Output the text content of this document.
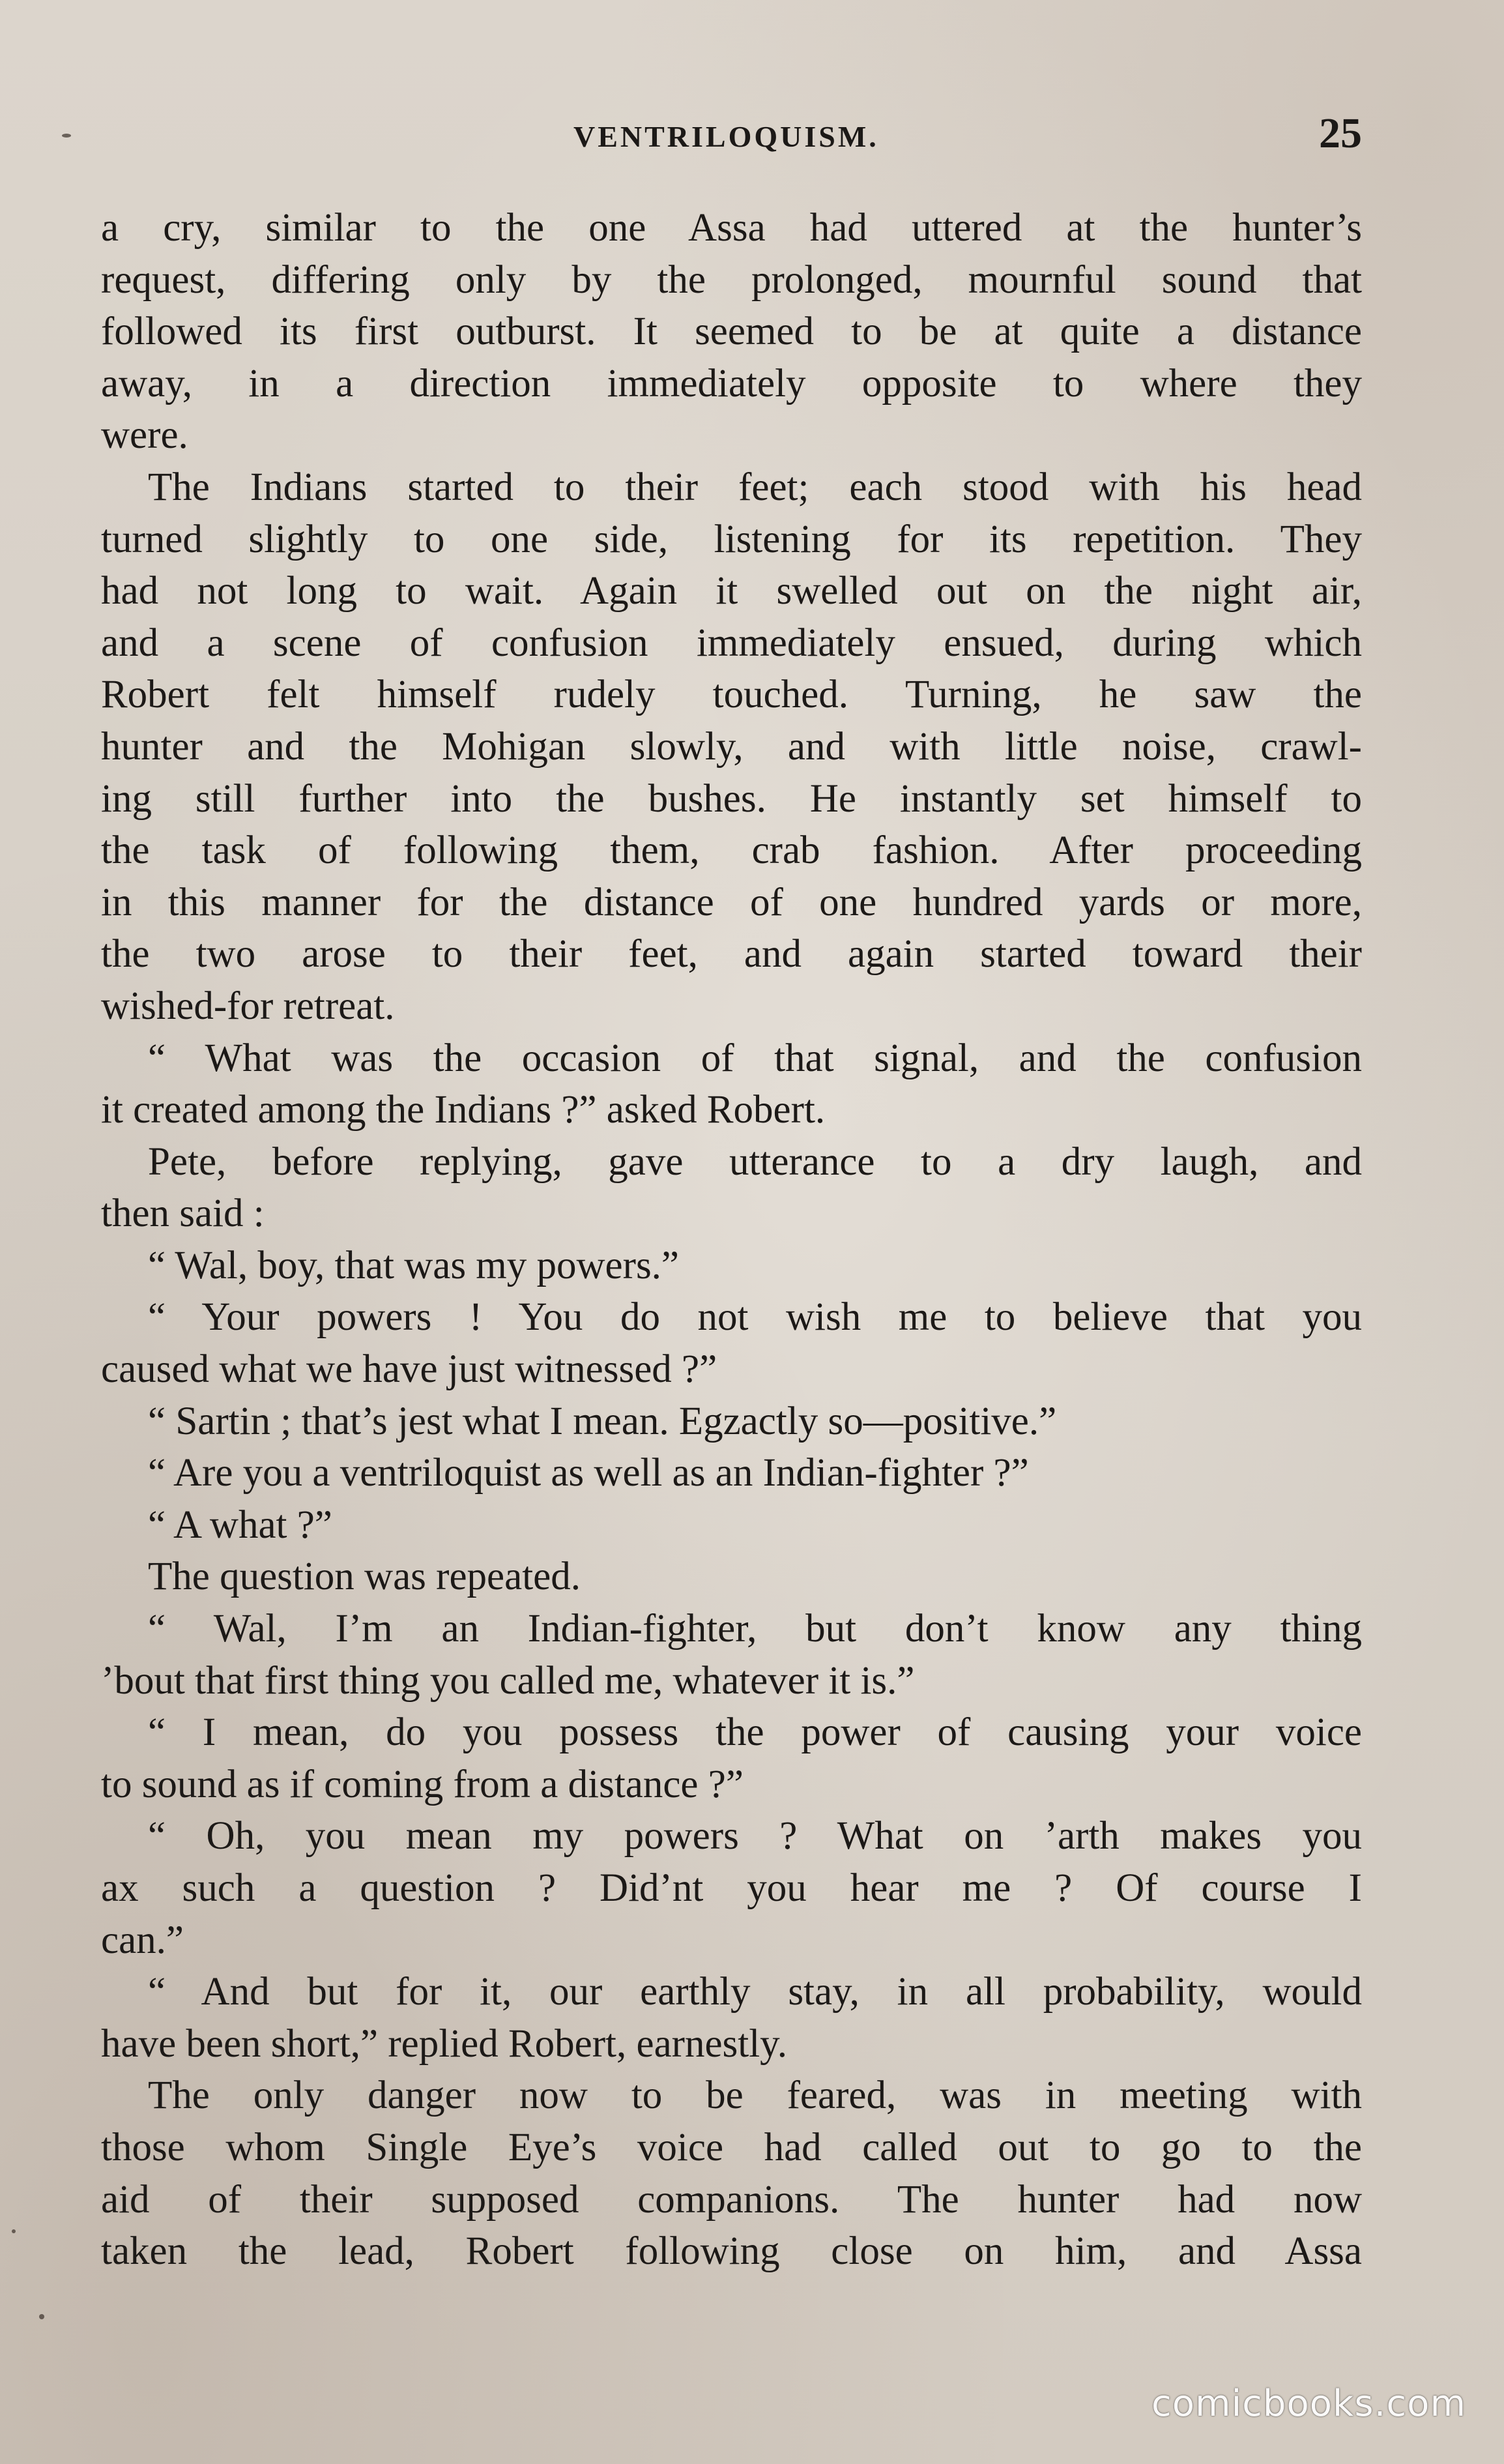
VENTRILOQUISM.	25
a cry, similar to the one Assa had uttered at the hunter’s
request, differing only by the prolonged, mournful sound that
followed its first outburst. It seemed to be at quite a distance
away, in a direction immediately opposite to where they
were.
The Indians started to their feet; each stood with his head
turned slightly to one side, listening for its repetition. They
had not long to wait. Again it swelled out on the night air,
and a scene of confusion immediately ensued, during which
Robert felt himself rudely touched. Turning, he saw the
hunter and the Mohigan slowly, and with little noise, crawl-
ing still further into the bushes. He instantly set himself to
the task of following them, crab fashion. After proceeding
in this manner for the distance of one hundred yards or more,
the two arose to their feet, and again started toward their
wished-for retreat.
“ What was the occasion of that signal, and the confusion
it created among the Indians ?” asked Robert.
Pete, before replying, gave utterance to a dry laugh, and
then said :
“ Wal, boy, that was my powers.”
“ Your powers ! You do not wish me to believe that you
caused what we have just witnessed ?”
“ Sartin ; that’s jest what I mean. Egzactly so—positive.”
“ Are you a ventriloquist as well as an Indian-fighter ?”
“ A what ?”
The question was repeated.
“ Wal, I’m an Indian-fighter, but don’t know any thing
’bout that first thing you called me, whatever it is.”
“ I mean, do you possess the power of causing your voice
to sound as if coming from a distance ?”
“ Oh, you mean my powers ? What on ’arth makes you
ax such a question ? Did’nt you hear me ? Of course I
can.”
“ And but for it, our earthly stay, in all probability, would
have been short,” replied Robert, earnestly.
The only danger now to be feared, was in meeting with
those whom Single Eye’s voice had called out to go to the
aid of their supposed companions. The hunter had now
taken the lead, Robert following close on him, and Assa
comicbooks.com
